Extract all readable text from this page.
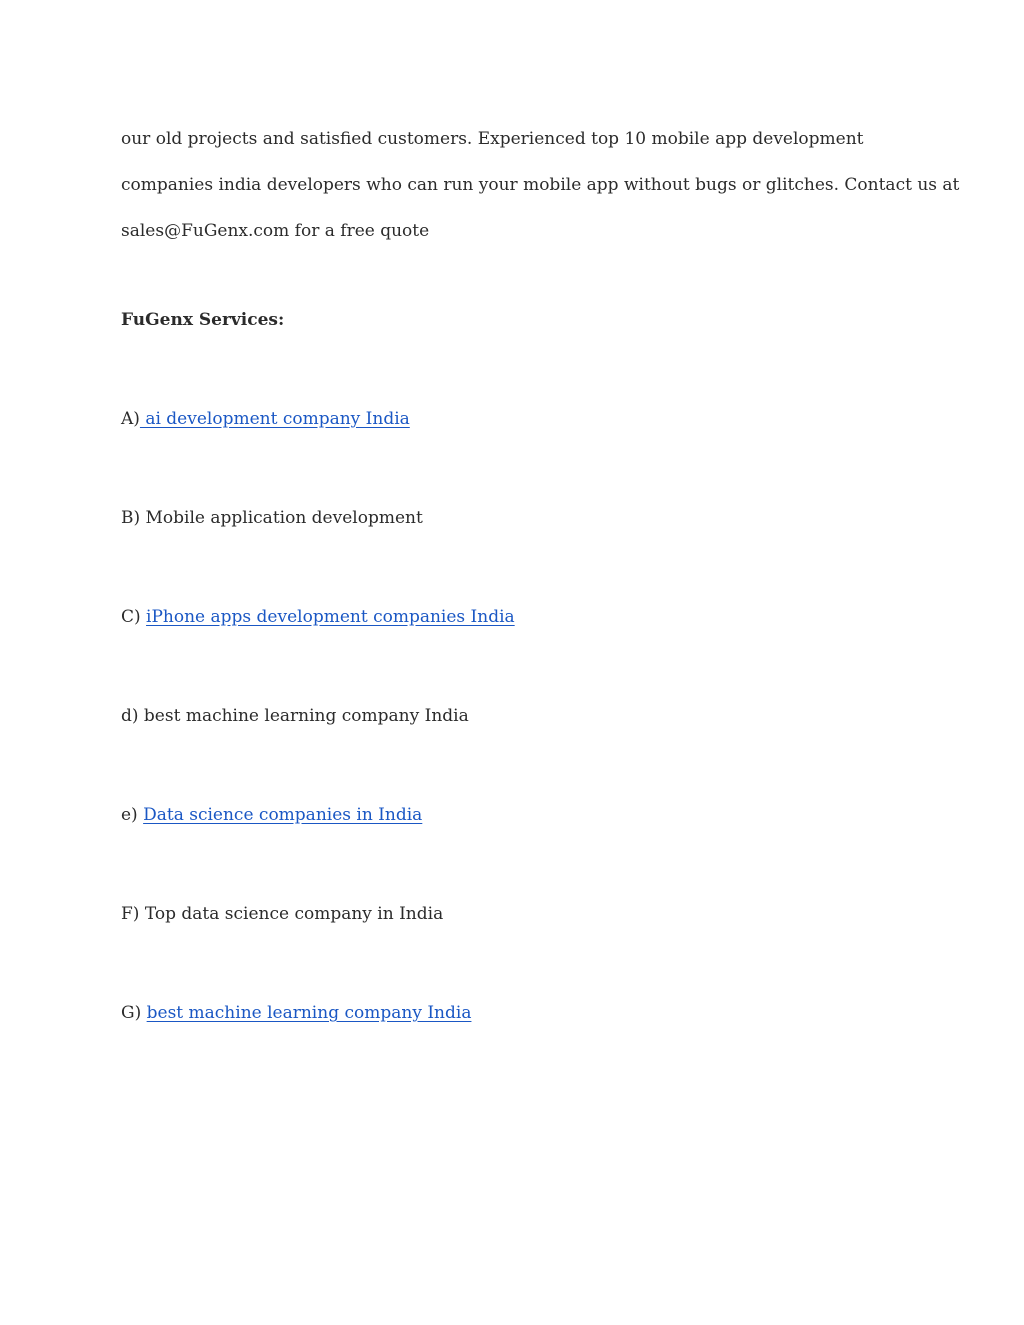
our old projects and satisfied customers. Experienced top 10 mobile app development
companies india developers who can run your mobile app without bugs or glitches. Contact us at
sales@FuGenx.com for a free quote
FuGenx Services:
A) ai development company India
B) Mobile application development
C) iPhone apps development companies India
d) best machine learning company India
e) Data science companies in India
F) Top data science company in India
G) best machine learning company India
